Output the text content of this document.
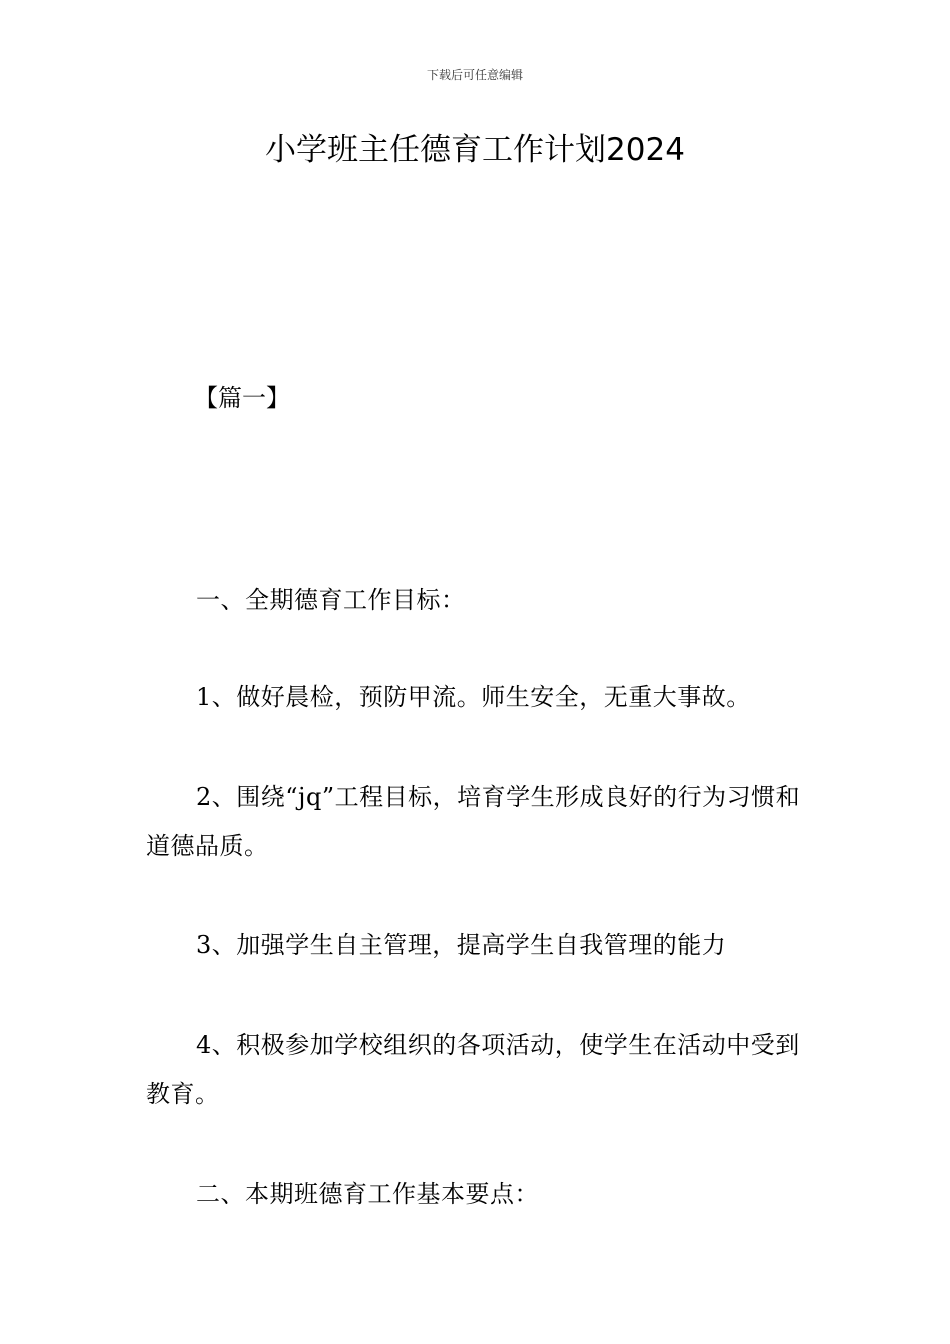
下载后可任意编辑
小学班主任德育工作计划2024
【篇一】
一、全期德育工作目标：
1、做好晨检，预防甲流。师生安全，无重大事故。
2、围绕“jq”工程目标，培育学生形成良好的行为习惯和道德品质。
3、加强学生自主管理，提高学生自我管理的能力
4、积极参加学校组织的各项活动，使学生在活动中受到教育。
二、本期班德育工作基本要点：
